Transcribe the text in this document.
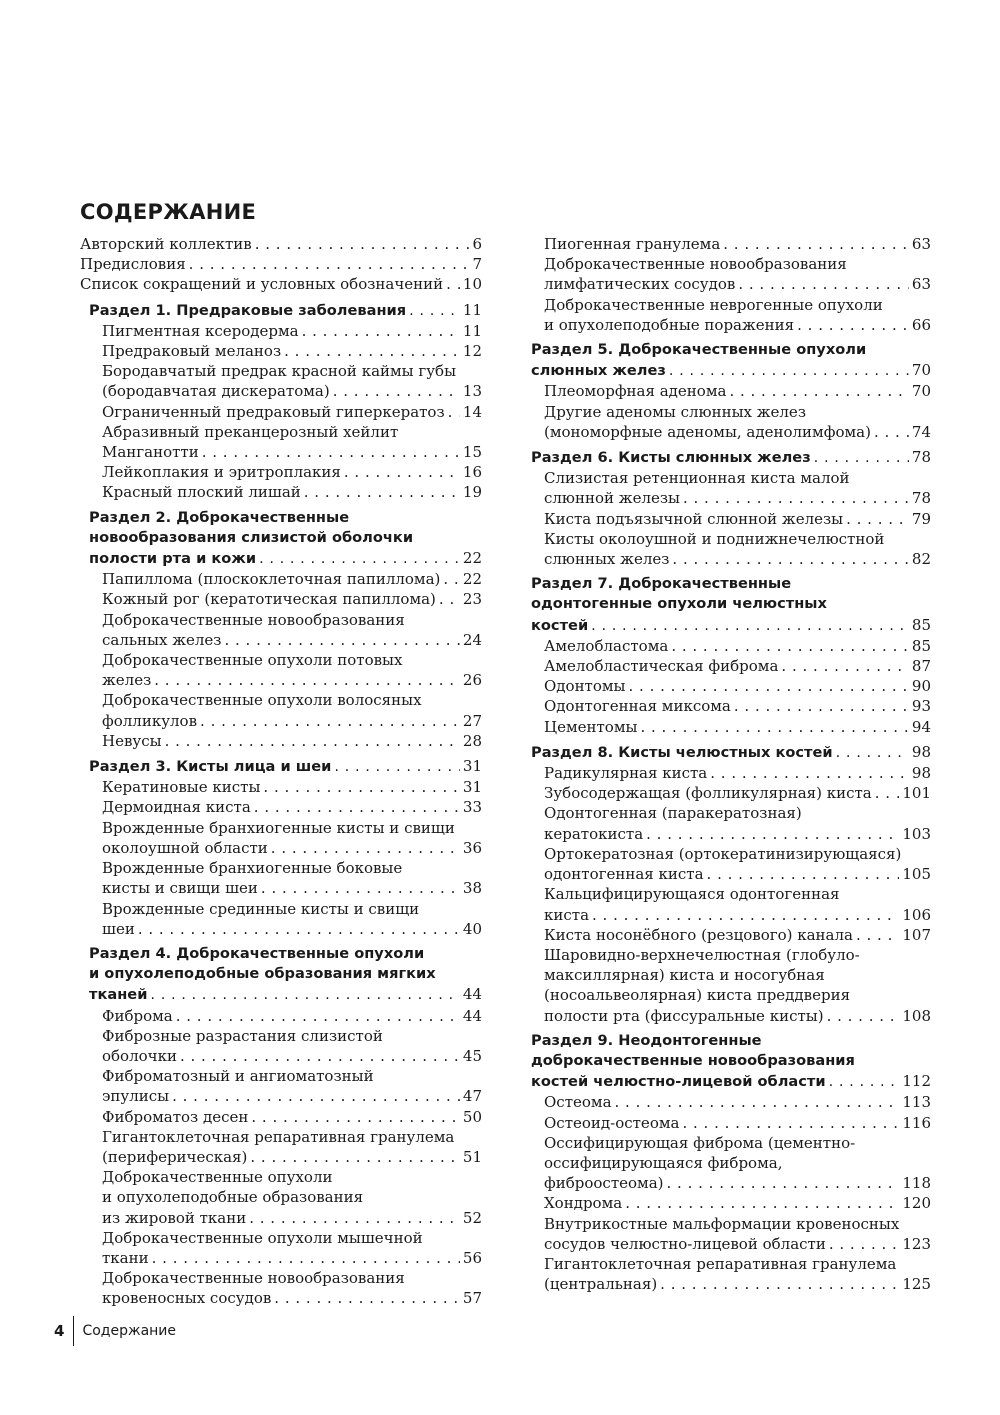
СОДЕРЖАНИЕ
Авторский коллектив . . .	6
Предисловия . . .	7
Список сокращений и условных обозначений . . . 10
Раздел 1. Предраковые заболевания . . .	11
Пигментная ксеродерма . . .	11
Предраковый меланоз . . .	12
Бородавчатый предрак красной каймы губы
(бородавчатая дискератома) . . .	13
Ограниченный предраковый гиперкератоз . . . 14
Абразивный преканцерозный хейлит
Манганотти . . .	15
Лейкоплакия и эритроплакия . . .	16
Красный плоский лишай . . .	19
Раздел 2. Доброкачественные
новообразования слизистой оболочки
полости рта и кожи . . .	22
Папиллома (плоскоклеточная папиллома) . . . 22
Кожный рог (кератотическая папиллома) . . . 23
Доброкачественные новообразования
сальных желез . . .	24
Доброкачественные опухоли потовых
желез . . .	26
Доброкачественные опухоли волосяных
фолликулов . . .	27
Невусы . . .	28
Раздел 3. Кисты лица и шеи . . .	31
Кератиновые кисты . . .	31
Дермоидная киста . . .	33
Врожденные бранхиогенные кисты и свищи
околоушной области . . .	36
Врожденные бранхиогенные боковые
кисты и свищи шеи . . .	38
Врожденные срединные кисты и свищи
шеи . . .	40
Раздел 4. Доброкачественные опухоли
и опухолеподобные образования мягких
тканей . . .	44
Фиброма . . .	44
Фиброзные разрастания слизистой
оболочки . . .	45
Фиброматозный и ангиоматозный
эпулисы . . .	47
Фиброматоз десен . . .	50
Гигантоклеточная репаративная гранулема
(периферическая) . . .	51
Доброкачественные опухоли
и опухолеподобные образования
из жировой ткани . . .	52
Доброкачественные опухоли мышечной
ткани . . .	56
Доброкачественные новообразования
кровеносных сосудов . . .	57
Пиогенная гранулема . . .	63
Доброкачественные новообразования
лимфатических сосудов . . .	63
Доброкачественные неврогенные опухоли
и опухолеподобные поражения . . .	66
Раздел 5. Доброкачественные опухоли
слюнных желез . . .	70
Плеоморфная аденома . . .	70
Другие аденомы слюнных желез
(мономорфные аденомы, аденолимфома) . . .	74
Раздел 6. Кисты слюнных желез . . .	78
Слизистая ретенционная киста малой
слюнной железы . . .	78
Киста подъязычной слюнной железы . . .	79
Кисты околоушной и поднижнечелюстной
слюнных желез . . .	82
Раздел 7. Доброкачественные
одонтогенные опухоли челюстных
костей . . .	85
Амелобластома . . .	85
Амелобластическая фиброма . . .	87
Одонтомы . . .	90
Одонтогенная миксома . . .	93
Цементомы . . .	94
Раздел 8. Кисты челюстных костей . . .	98
Радикулярная киста . . .	98
Зубосодержащая (фолликулярная) киста . . . 101
Одонтогенная (паракератозная)
кератокиста . . .	103
Ортокератозная (ортокератинизирующаяся)
одонтогенная киста . . .	105
Кальцифицирующаяся одонтогенная
киста . . .	106
Киста носонёбного (резцового) канала . . .	107
Шаровидно-верхнечелюстная (глобуло-
максиллярная) киста и носогубная
(носоальвеолярная) киста преддверия
полости рта (фиссуральные кисты) . . .	108
Раздел 9. Неодонтогенные
доброкачественные новообразования
костей челюстно-лицевой области . . .	112
Остеома . . .	113
Остеоид-остеома . . .	116
Оссифицирующая фиброма (цементно-
оссифицирующаяся фиброма,
фиброостеома) . . .	118
Хондрома . . .	120
Внутрикостные мальформации кровеносных
сосудов челюстно-лицевой области . . .	123
Гигантоклеточная репаративная гранулема
(центральная) . . .	125
4 Содержание
